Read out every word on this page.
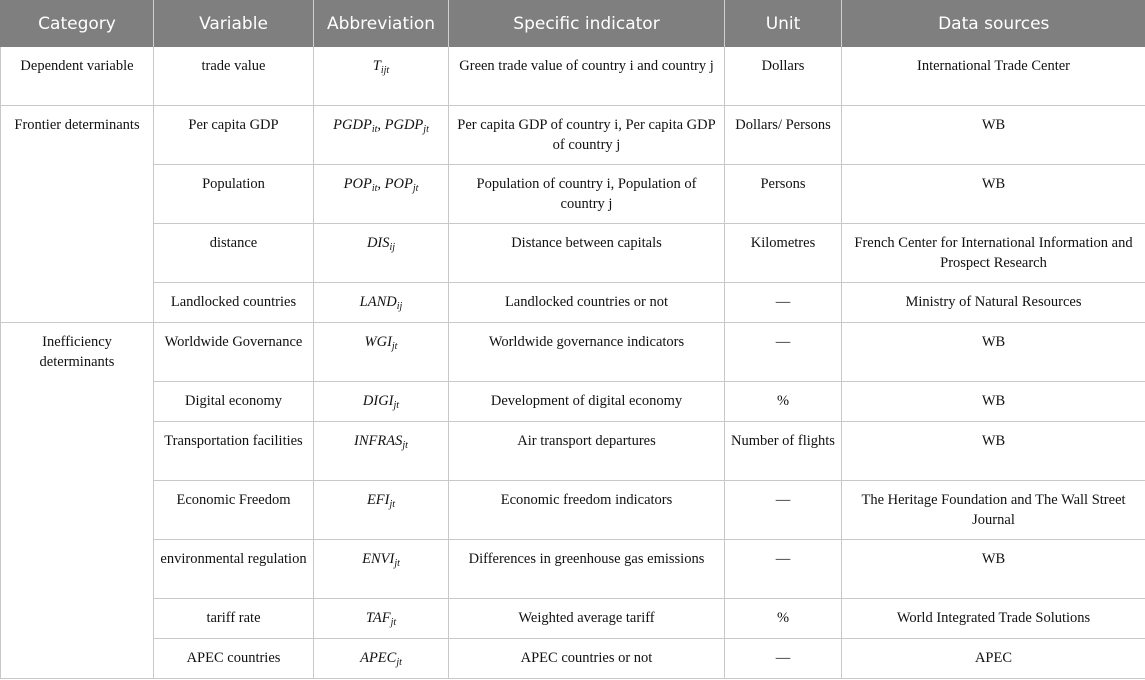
Category	Variable	Abbreviation	Specific indicator	Unit	Data sources
Dependent variable	trade value	$T_{ijt}$	Green trade value of country i and country j	Dollars	International Trade Center
Frontier determinants	Per capita GDP	$PGDP_{it}$, $PGDP_{jt}$	Per capita GDP of country i, Per capita GDP of country j	Dollars/ Persons	WB
	Population	$POP_{it}$, $POP_{jt}$	Population of country i, Population of country j	Persons	WB
	distance	$DIS_{ij}$	Distance between capitals	Kilometres	French Center for International Information and Prospect Research
	Landlocked countries	$LAND_{ij}$	Landlocked countries or not	—	Ministry of Natural Resources
Inefficiency determinants	Worldwide Governance	$WGI_{jt}$	Worldwide governance indicators	—	WB
	Digital economy	$DIGI_{jt}$	Development of digital economy	%	WB
	Transportation facilities	$INFRAS_{jt}$	Air transport departures	Number of flights	WB
	Economic Freedom	$EFI_{jt}$	Economic freedom indicators	—	The Heritage Foundation and The Wall Street Journal
	environmental regulation	$ENVI_{jt}$	Differences in greenhouse gas emissions	—	WB
	tariff rate	$TAF_{jt}$	Weighted average tariff	%	World Integrated Trade Solutions
	APEC countries	$APEC_{jt}$	APEC countries or not	—	APEC
